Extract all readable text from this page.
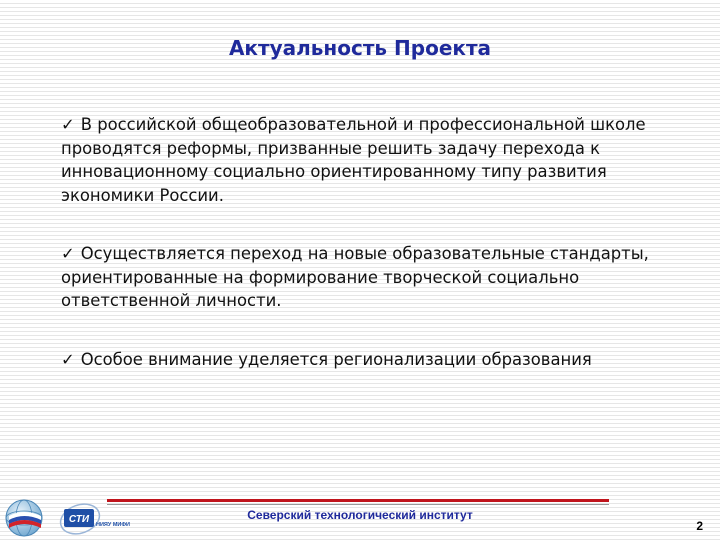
Актуальность Проекта

✓ В российской общеобразовательной и профессиональной школе проводятся реформы, призванные решить задачу перехода к инновационному социально ориентированному типу развития экономики России.

✓ Осуществляется переход на новые образовательные стандарты, ориентированные на формирование творческой социально ответственной личности.

✓ Особое внимание уделяется регионализации образования

СТИ НИЯУ МИФИ
Северский технологический институт
2
